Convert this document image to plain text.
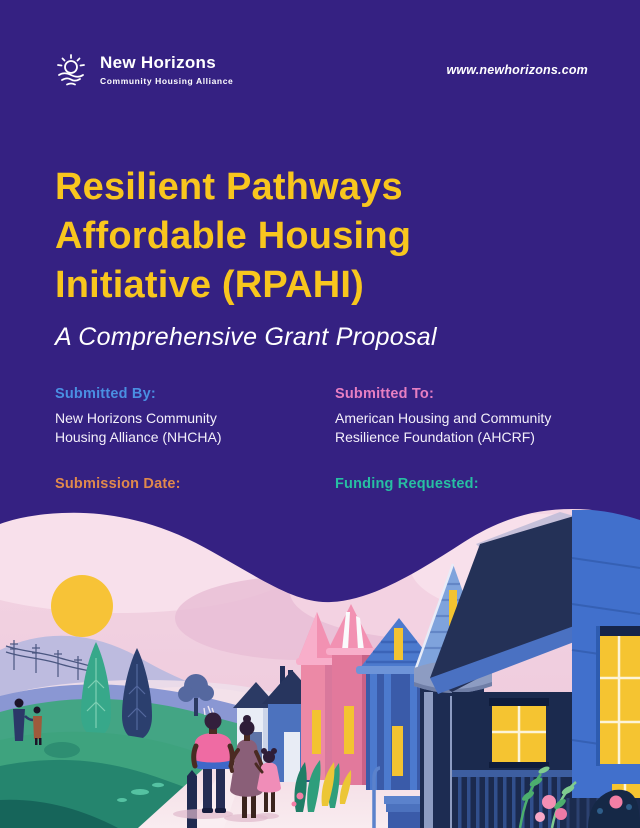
New Horizons
Community Housing Alliance
www.newhorizons.com
Resilient Pathways
Affordable Housing
Initiative (RPAHI)
A Comprehensive Grant Proposal
Submitted By:
New Horizons Community
Housing Alliance (NHCHA)
Submitted To:
American Housing and Community
Resilience Foundation (AHCRF)
Submission Date:	Funding Requested:
